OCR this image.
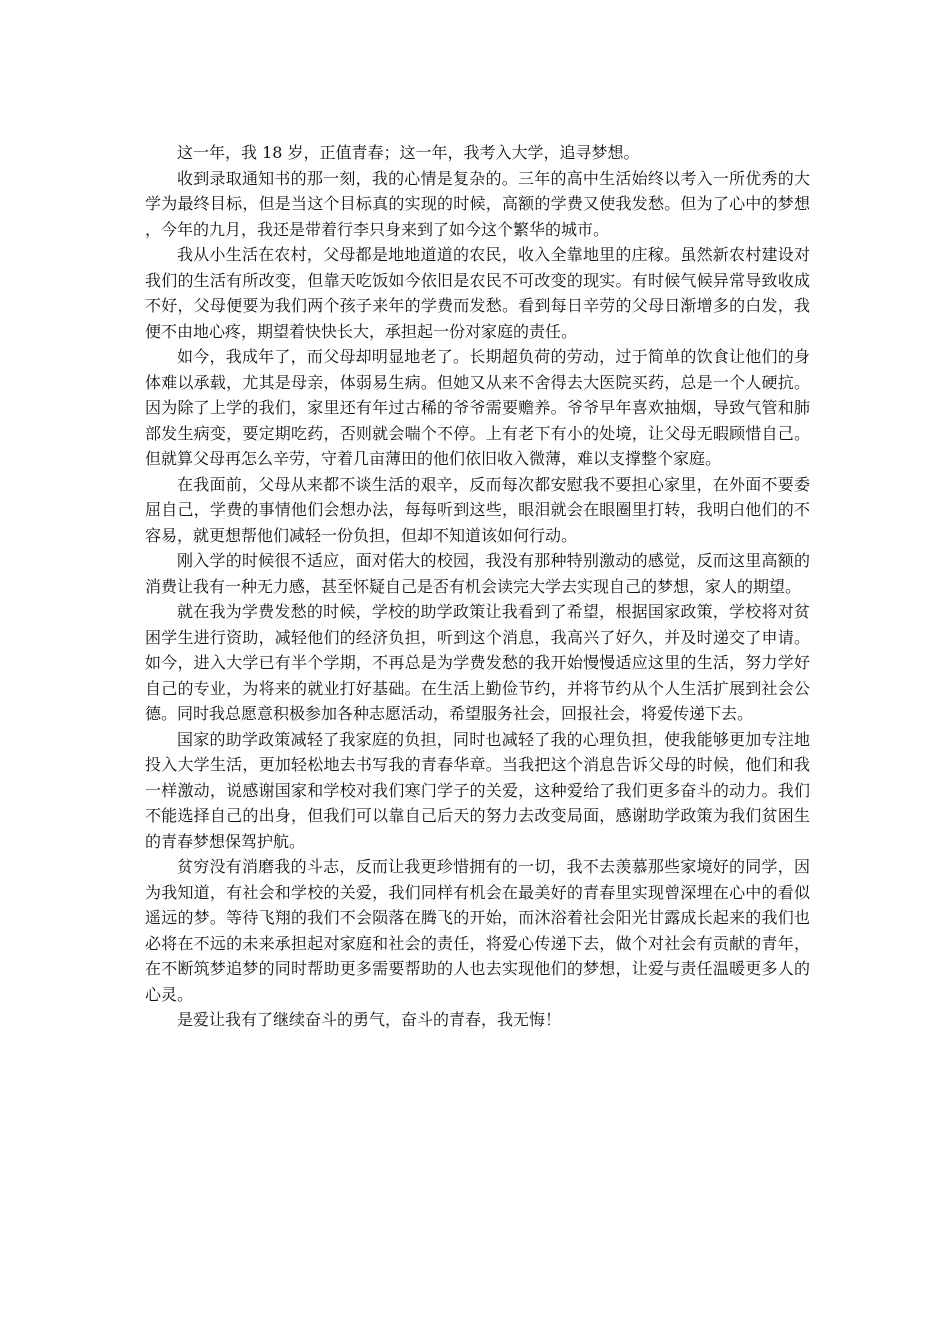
这一年，我 18 岁，正值青春；这一年，我考入大学，追寻梦想。

收到录取通知书的那一刻，我的心情是复杂的。三年的高中生活始终以考入一所优秀的大学为最终目标，但是当这个目标真的实现的时候，高额的学费又使我发愁。但为了心中的梦想，今年的九月，我还是带着行李只身来到了如今这个繁华的城市。

我从小生活在农村，父母都是地地道道的农民，收入全靠地里的庄稼。虽然新农村建设对我们的生活有所改变，但靠天吃饭如今依旧是农民不可改变的现实。有时候气候异常导致收成不好，父母便要为我们两个孩子来年的学费而发愁。看到每日辛劳的父母日渐增多的白发，我便不由地心疼，期望着快快长大，承担起一份对家庭的责任。

如今，我成年了，而父母却明显地老了。长期超负荷的劳动，过于简单的饮食让他们的身体难以承载，尤其是母亲，体弱易生病。但她又从来不舍得去大医院买药，总是一个人硬抗。因为除了上学的我们，家里还有年过古稀的爷爷需要赡养。爷爷早年喜欢抽烟，导致气管和肺部发生病变，要定期吃药，否则就会喘个不停。上有老下有小的处境，让父母无暇顾惜自己。但就算父母再怎么辛劳，守着几亩薄田的他们依旧收入微薄，难以支撑整个家庭。

在我面前，父母从来都不谈生活的艰辛，反而每次都安慰我不要担心家里，在外面不要委屈自己，学费的事情他们会想办法，每每听到这些，眼泪就会在眼圈里打转，我明白他们的不容易，就更想帮他们减轻一份负担，但却不知道该如何行动。

刚入学的时候很不适应，面对偌大的校园，我没有那种特别激动的感觉，反而这里高额的消费让我有一种无力感，甚至怀疑自己是否有机会读完大学去实现自己的梦想，家人的期望。

就在我为学费发愁的时候，学校的助学政策让我看到了希望，根据国家政策，学校将对贫困学生进行资助，减轻他们的经济负担，听到这个消息，我高兴了好久，并及时递交了申请。如今，进入大学已有半个学期，不再总是为学费发愁的我开始慢慢适应这里的生活，努力学好自己的专业，为将来的就业打好基础。在生活上勤俭节约，并将节约从个人生活扩展到社会公德。同时我总愿意积极参加各种志愿活动，希望服务社会，回报社会，将爱传递下去。

国家的助学政策减轻了我家庭的负担，同时也减轻了我的心理负担，使我能够更加专注地投入大学生活，更加轻松地去书写我的青春华章。当我把这个消息告诉父母的时候，他们和我一样激动，说感谢国家和学校对我们寒门学子的关爱，这种爱给了我们更多奋斗的动力。我们不能选择自己的出身，但我们可以靠自己后天的努力去改变局面，感谢助学政策为我们贫困生的青春梦想保驾护航。

贫穷没有消磨我的斗志，反而让我更珍惜拥有的一切，我不去羡慕那些家境好的同学，因为我知道，有社会和学校的关爱，我们同样有机会在最美好的青春里实现曾深埋在心中的看似遥远的梦。等待飞翔的我们不会陨落在腾飞的开始，而沐浴着社会阳光甘露成长起来的我们也必将在不远的未来承担起对家庭和社会的责任，将爱心传递下去，做个对社会有贡献的青年，在不断筑梦追梦的同时帮助更多需要帮助的人也去实现他们的梦想，让爱与责任温暖更多人的心灵。

是爱让我有了继续奋斗的勇气，奋斗的青春，我无悔！
